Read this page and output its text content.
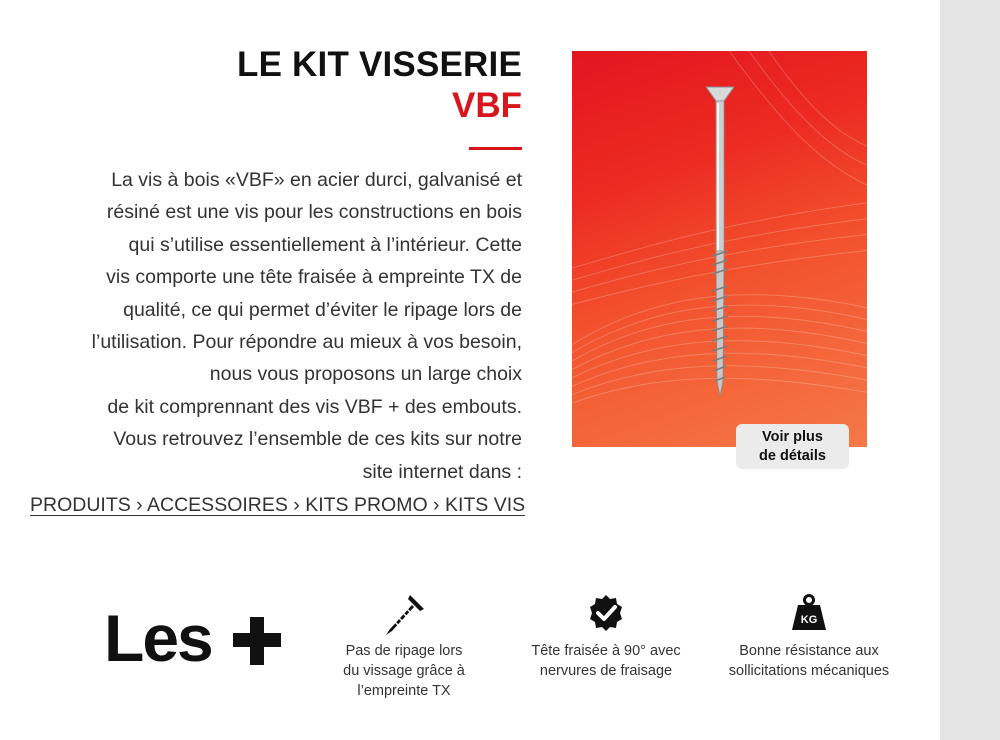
LE KIT VISSERIE
VBF

La vis à bois «VBF» en acier durci, galvanisé et

résiné est une vis pour les constructions en bois

qui s’utilise essentiellement à l’intérieur. Cette

vis comporte une tête fraisée à empreinte TX de

qualité, ce qui permet d’éviter le ripage lors de

l’utilisation. Pour répondre au mieux à vos besoin,

nous vous proposons un large choix

de kit comprennant des vis VBF + des embouts.

Vous retrouvez l’ensemble de ces kits sur notre

site internet dans :

PRODUITS › ACCESSOIRES › KITS PROMO › KITS VIS
Voir plus
de détails
Les	Pas de ripage lors
du vissage grâce à
l’empreinte TX
Tête fraisée à 90° avec
nervures de fraisage
KG
Bonne résistance aux
sollicitations mécaniques
